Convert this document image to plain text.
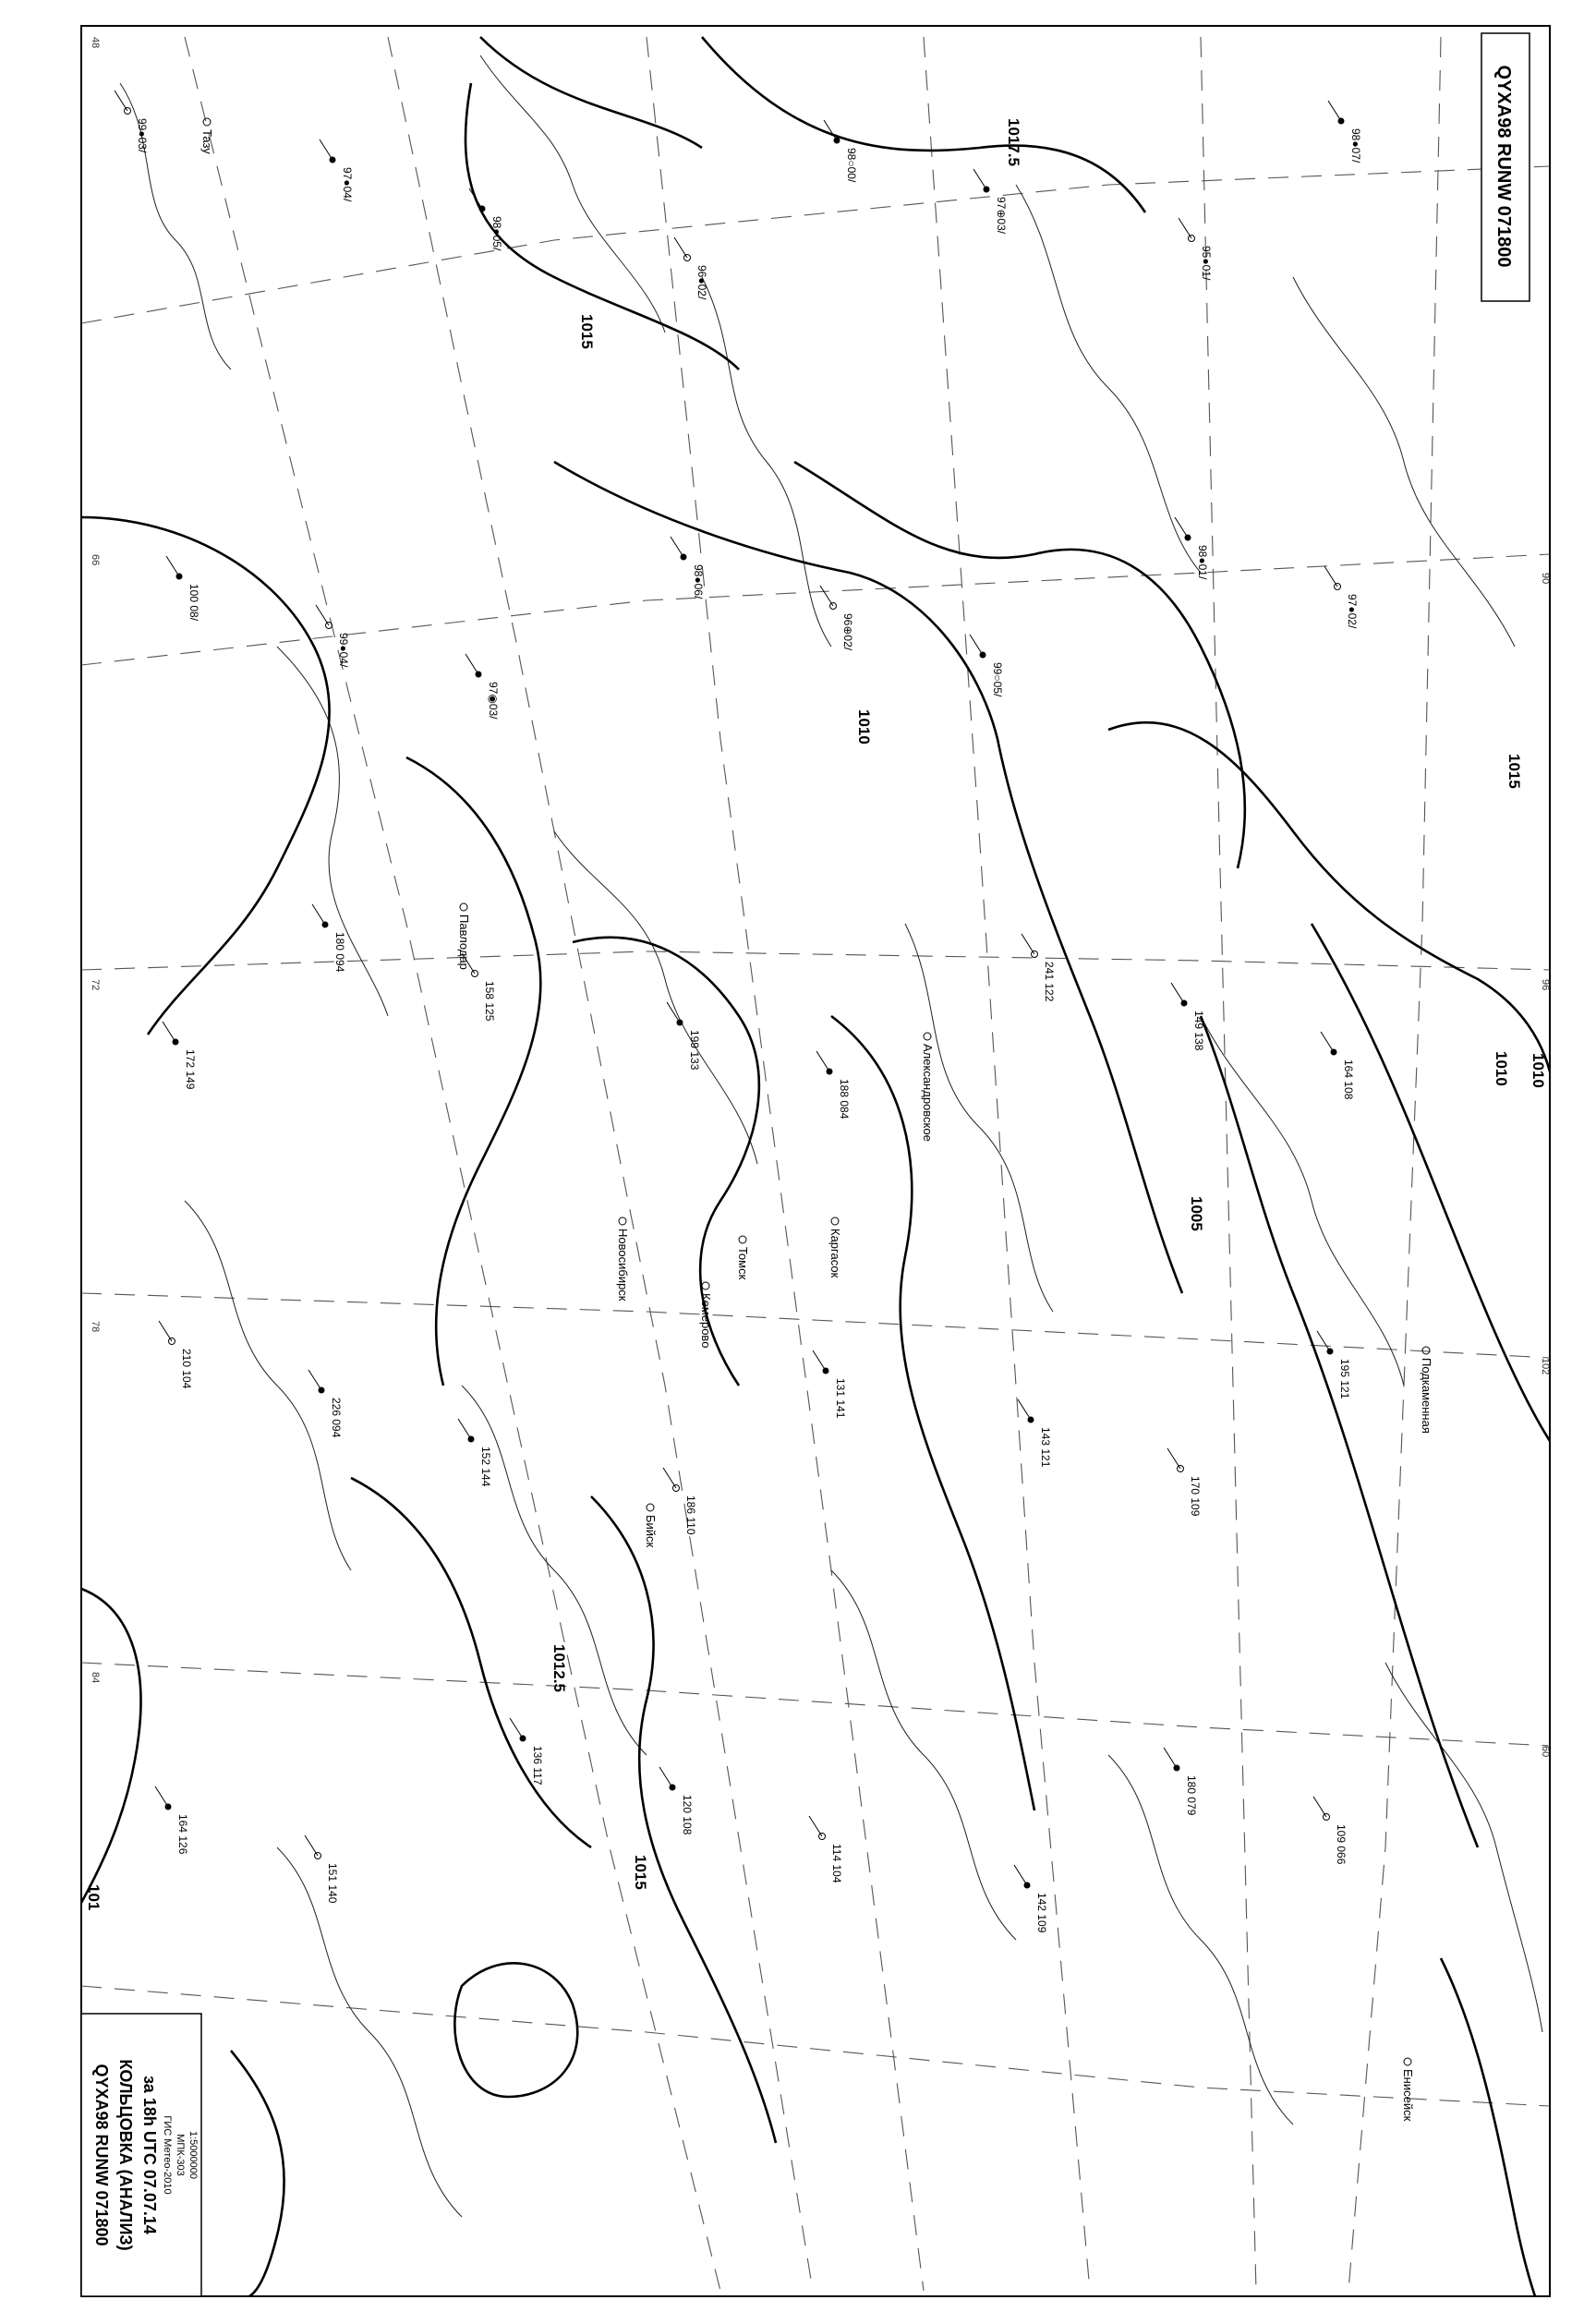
1017.5
1015
1010
1005
1010
1012.5
1015
1015
1010
101
99●03/
97●04/
98●05/
96●02/
98○00/
97⊕03/
95●01/
98●07/
100 08/
99●04/
97◉03/
98●06/
96⊕02/
99○05/
98●01/
97●02/
172 149
180 094
158 125
199 133
188 084
241 122
149 138
164 108
210 104
226 094
152 144
186 110
131 141
143 121
170 109
195 121
164 126
151 140
136 117
120 108
114 104
142 109
180 079
109 066
Тазу
Павлодар
Новосибирск
Кемерово
Томск
Бийск
Александровское
Каргасок
Подкаменная
Енисейск
48
66
72
78
84
90
96
102
60
QYXA98 RUNW 071800
QYXA98 RUNW 071800 КОЛЬЦОВКА (АНАЛИЗ) за 18h UTC 07.07.14 ГИС Метео-2010 МПК-303 1:5000000
